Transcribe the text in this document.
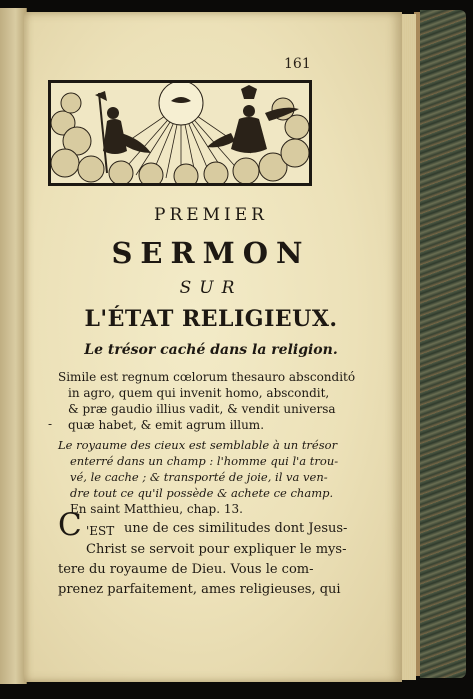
161
PREMIER
SERMON
SUR
L'ÉTAT RELIGIEUX.
Le trésor caché dans la religion.
Simile est regnum cœlorum thesauro absconditó
in agro, quem qui invenit homo, abscondit,
& præ gaudio illius vadit, & vendit universa
quæ habet, & emit agrum illum.
-
Le royaume des cieux est semblable à un trésor
enterré dans un champ : l'homme qui l'a trou-
vé, le cache ; & transporté de joie, il va ven-
dre tout ce qu'il possède & achete ce champ.
En saint Matthieu, chap. 13.
C 'EST une de ces similitudes dont Jesus-
Christ se servoit pour expliquer le mys-
tere du royaume de Dieu. Vous le com-
prenez parfaitement, ames religieuses, qui
